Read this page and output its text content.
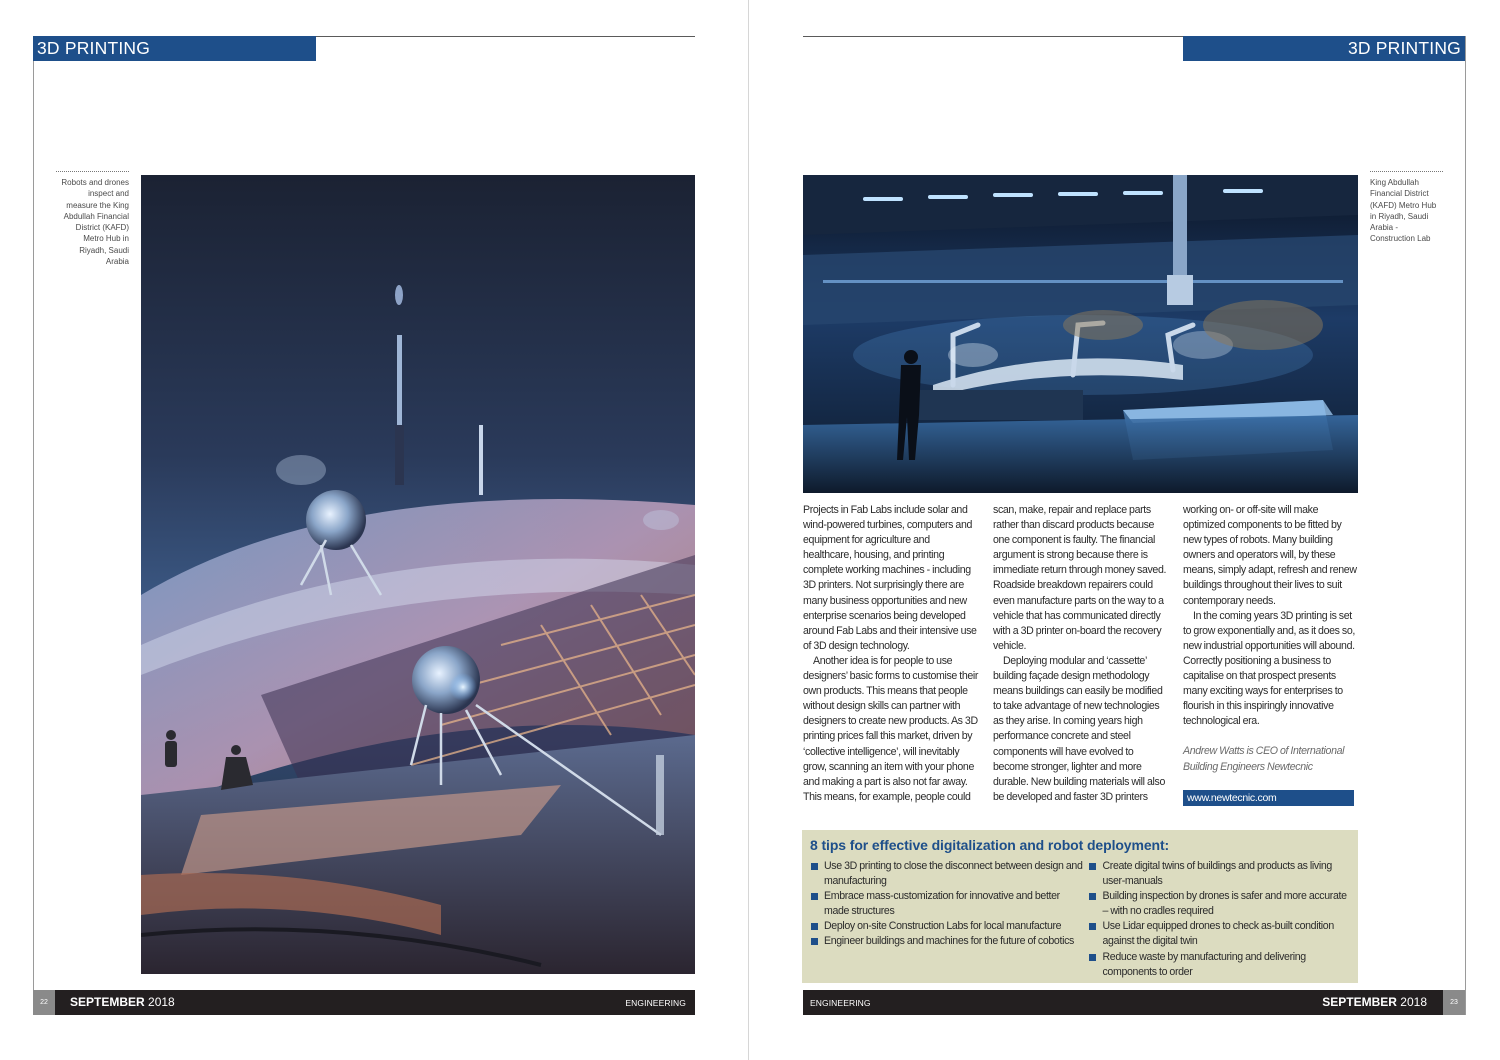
3D PRINTING
Robots and drones inspect and measure the King Abdullah Financial District (KAFD) Metro Hub in Riyadh, Saudi Arabia
22	SEPTEMBER 2018	ENGINEERING
3D PRINTING
King Abdullah Financial District (KAFD) Metro Hub in Riyadh, Saudi Arabia - Construction Lab

Projects in Fab Labs include solar and wind-powered turbines, computers and equipment for agriculture and healthcare, housing, and printing complete working machines - including 3D printers. Not surprisingly there are many business opportunities and new enterprise scenarios being developed around Fab Labs and their intensive use of 3D design technology.

Another idea is for people to use designers’ basic forms to customise their own products. This means that people without design skills can partner with designers to create new products. As 3D printing prices fall this market, driven by ‘collective intelligence’, will inevitably grow, scanning an item with your phone and making a part is also not far away. This means, for example, people could

scan, make, repair and replace parts rather than discard products because one component is faulty. The financial argument is strong because there is immediate return through money saved. Roadside breakdown repairers could even manufacture parts on the way to a vehicle that has communicated directly with a 3D printer on-board the recovery vehicle.

Deploying modular and ‘cassette’ building façade design methodology means buildings can easily be modified to take advantage of new technologies as they arise. In coming years high performance concrete and steel components will have evolved to become stronger, lighter and more durable. New building materials will also be developed and faster 3D printers

working on- or off-site will make optimized components to be fitted by new types of robots. Many building owners and operators will, by these means, simply adapt, refresh and renew buildings throughout their lives to suit contemporary needs.

In the coming years 3D printing is set to grow exponentially and, as it does so, new industrial opportunities will abound. Correctly positioning a business to capitalise on that prospect presents many exciting ways for enterprises to flourish in this inspiringly innovative technological era.

Andrew Watts is CEO of International Building Engineers Newtecnic

www.newtecnic.com

8 tips for effective digitalization and robot deployment:

Use 3D printing to close the disconnect between design and manufacturing
Embrace mass-customization for innovative and better made structures
Deploy on-site Construction Labs for local manufacture
Engineer buildings and machines for the future of cobotics
Create digital twins of buildings and products as living user-manuals
Building inspection by drones is safer and more accurate – with no cradles required
Use Lidar equipped drones to check as-built condition against the digital twin
Reduce waste by manufacturing and delivering components to order
ENGINEERING	SEPTEMBER 2018	23
